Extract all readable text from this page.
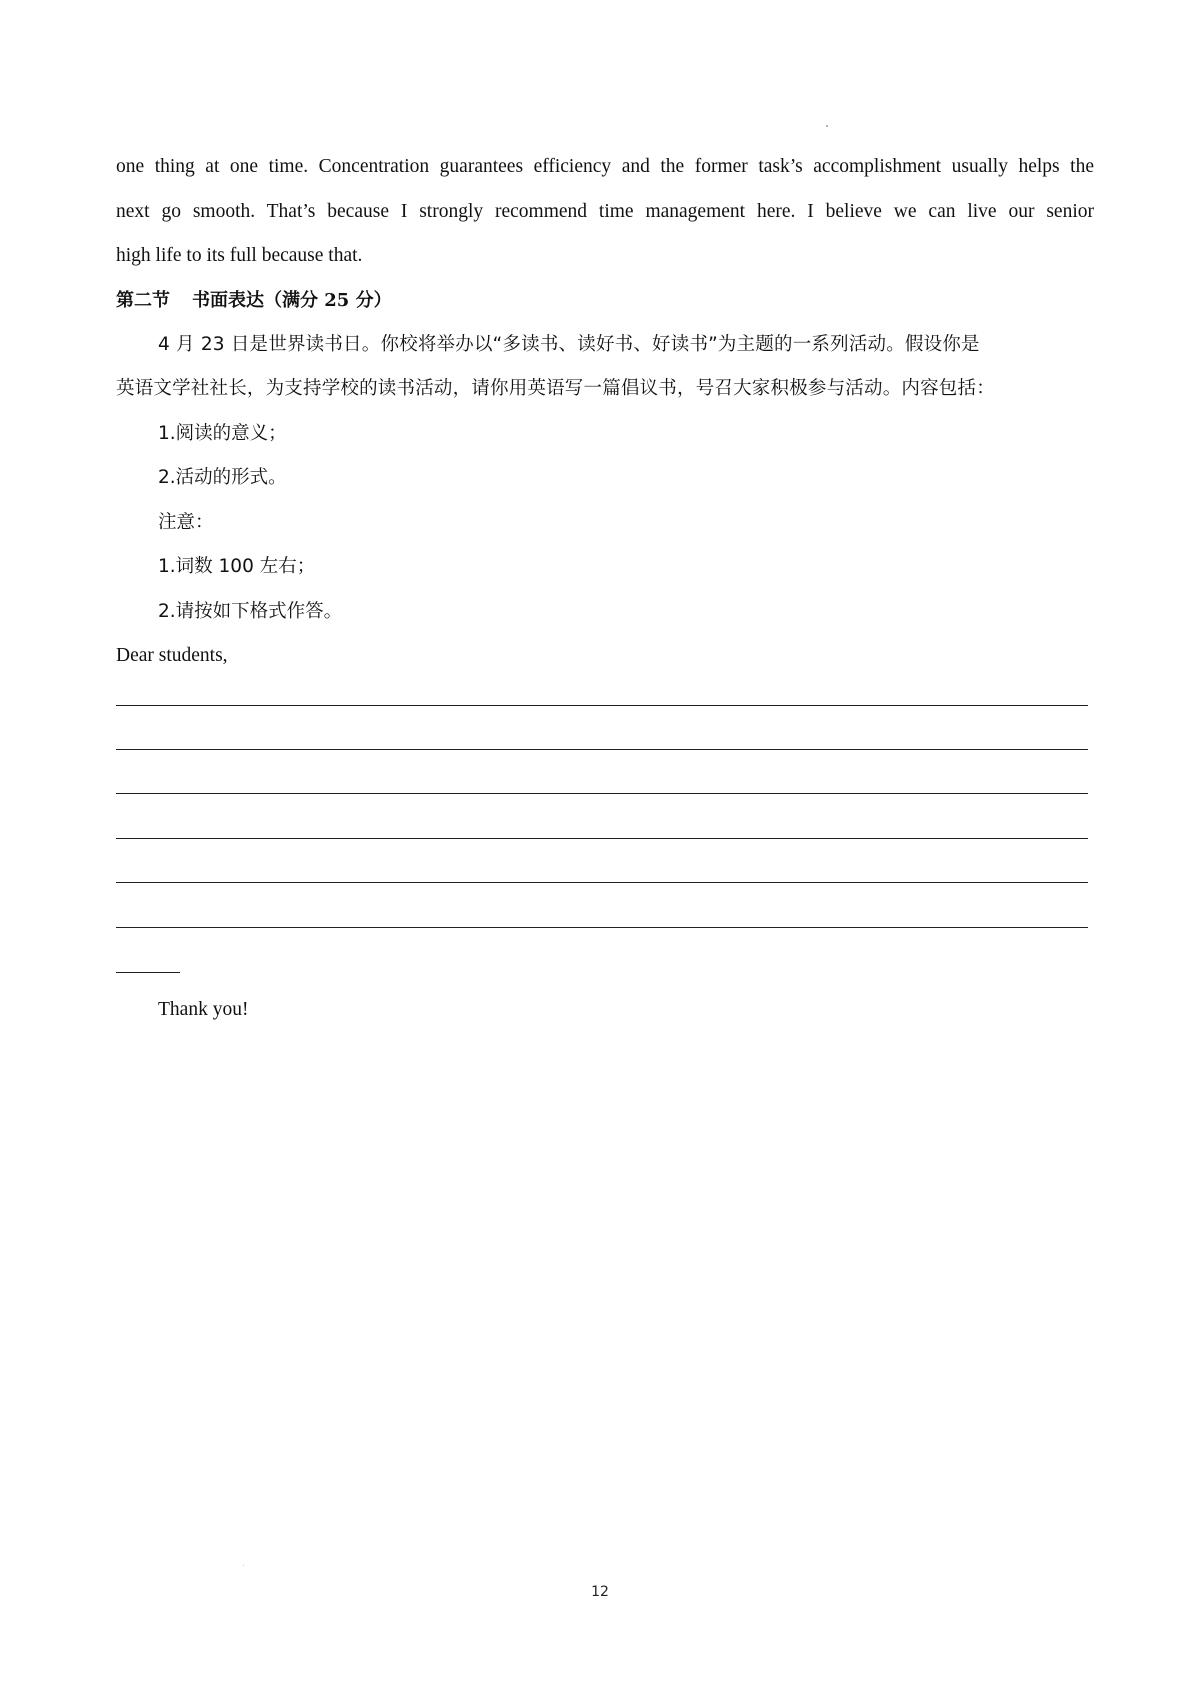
one thing at one time. Concentration guarantees efficiency and the former task’s accomplishment usually helps the

next go smooth. That’s because I strongly recommend time management here. I believe we can live our senior

high life to its full because that.

第二节 书面表达（满分 25 分）

4 月 23 日是世界读书日。你校将举办以“多读书、读好书、好读书”为主题的一系列活动。假设你是

英语文学社社长，为支持学校的读书活动，请你用英语写一篇倡议书，号召大家积极参与活动。内容包括：

1.阅读的意义；

2.活动的形式。

注意：

1.词数 100 左右；

2.请按如下格式作答。

Dear students,

Thank you!

12
